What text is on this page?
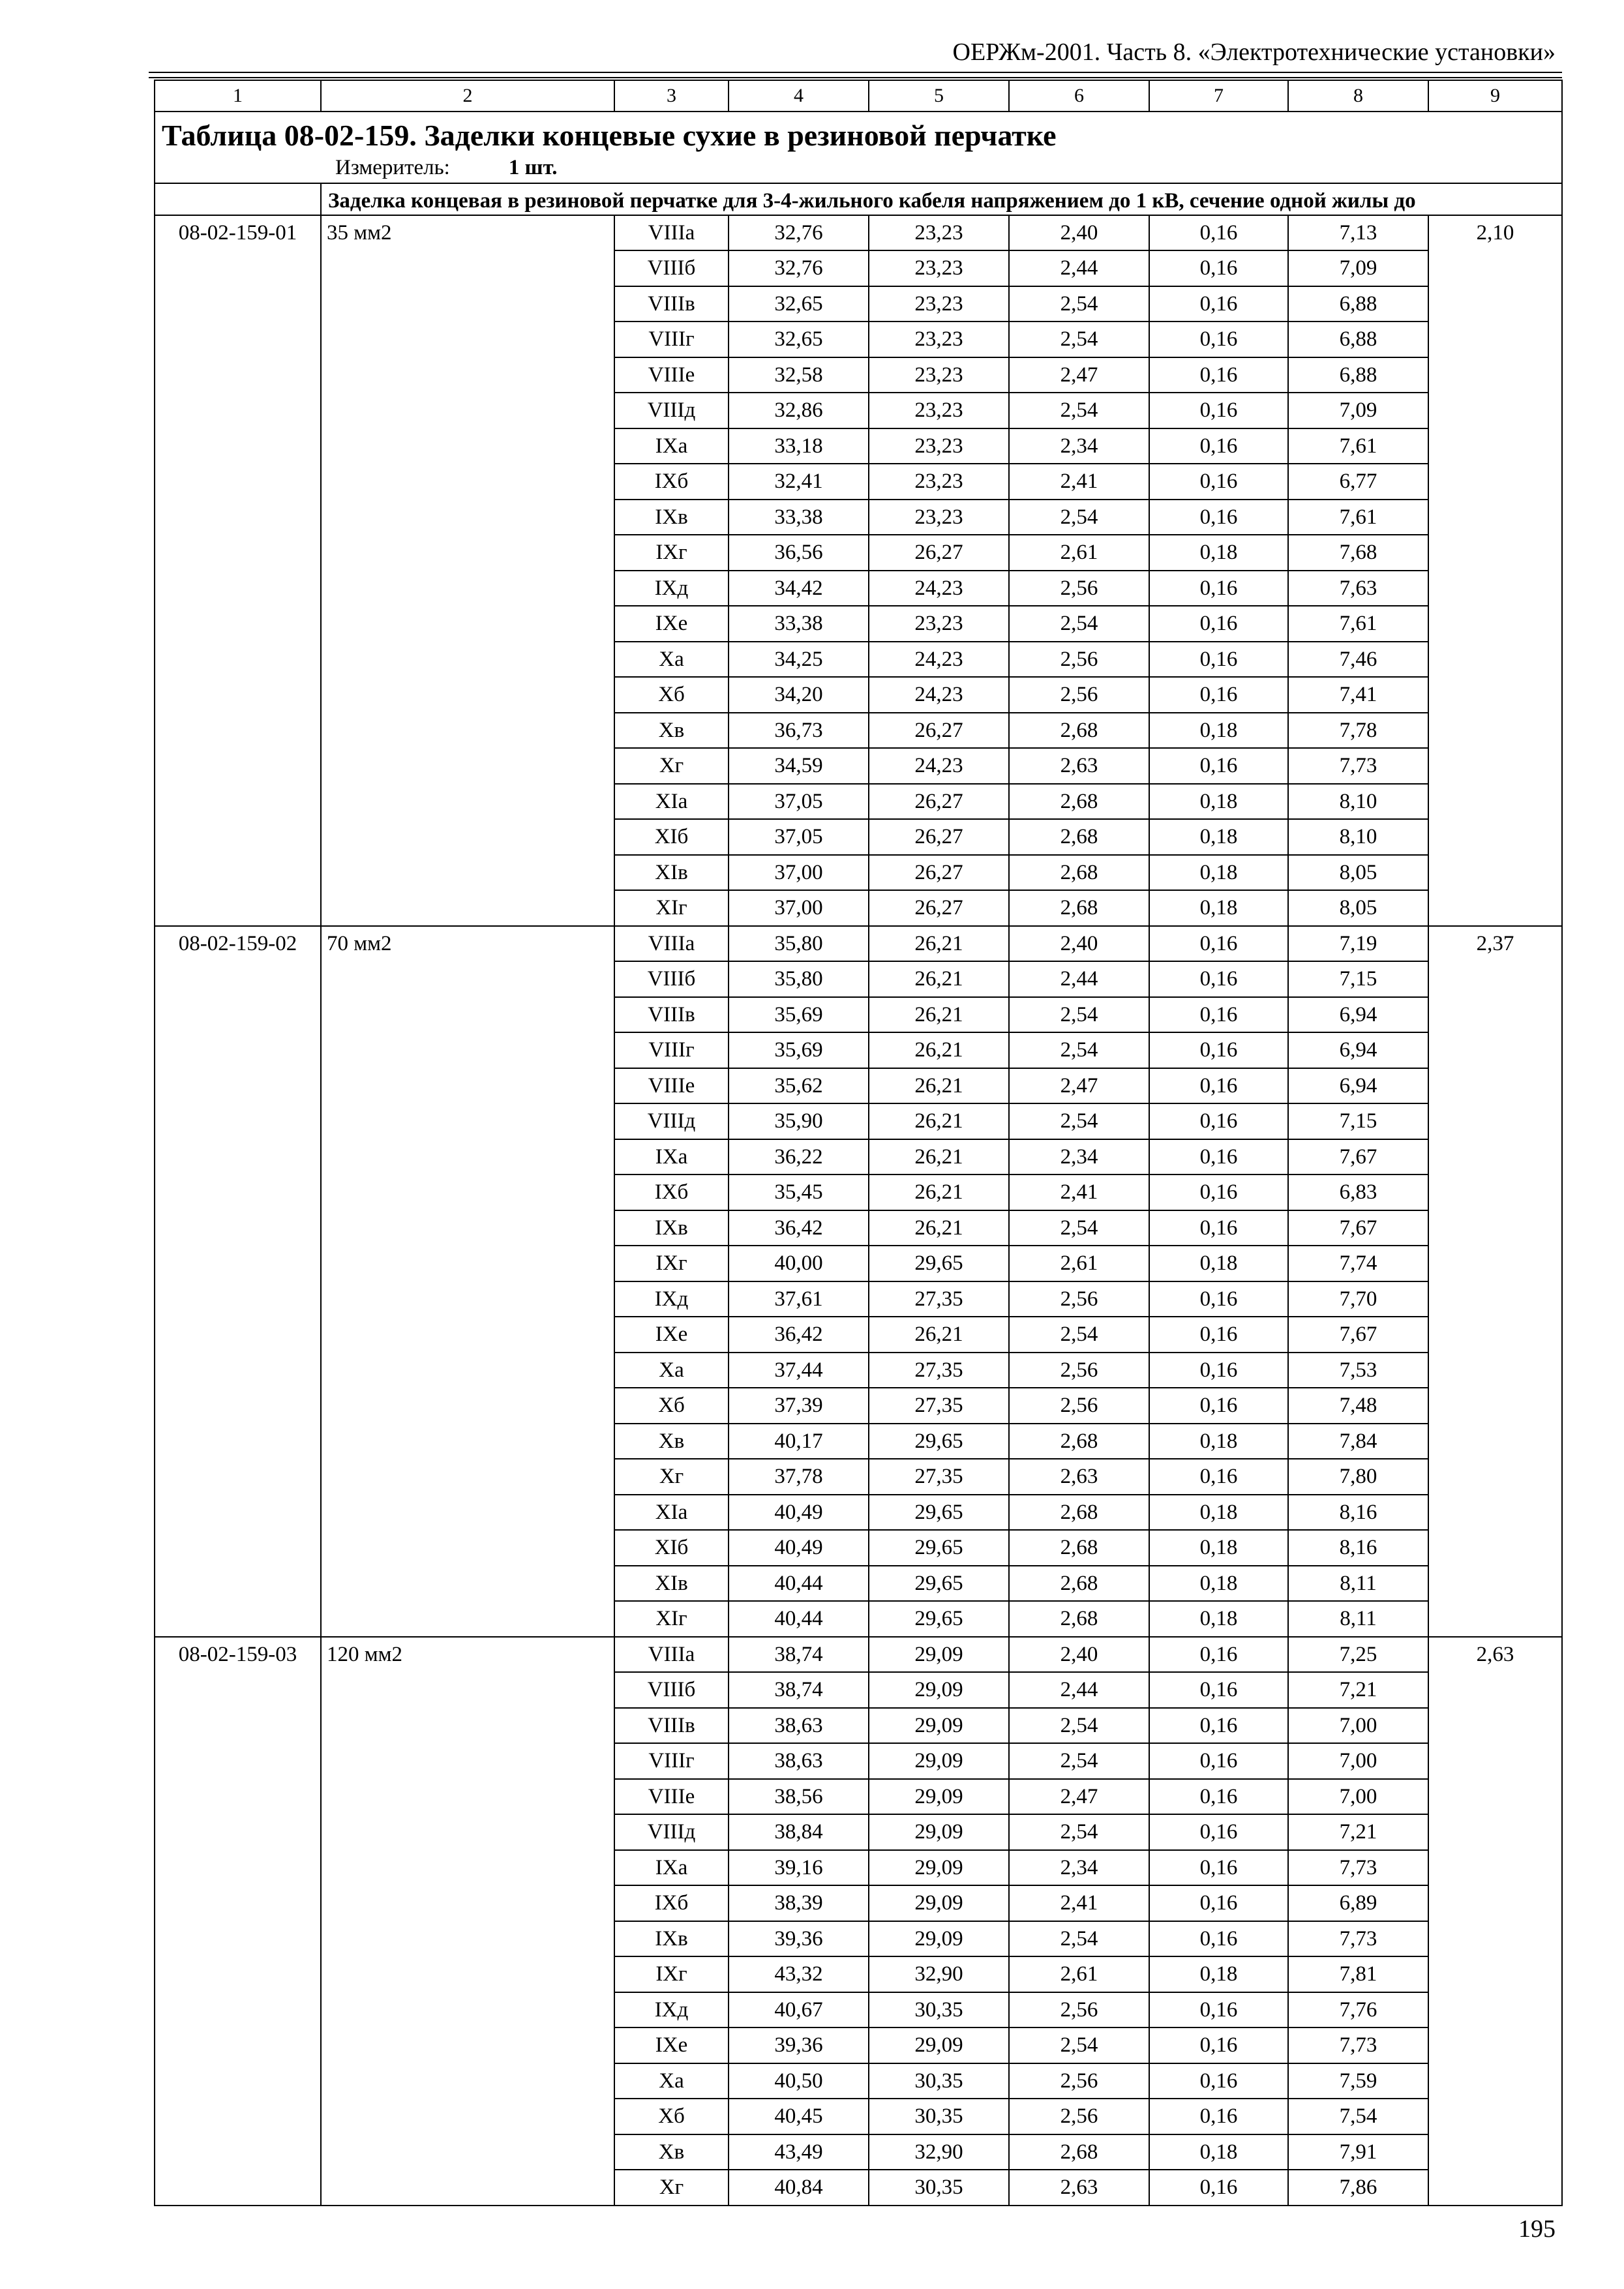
ОЕРЖм-2001. Часть 8. «Электротехнические установки»
1	2	3	4	5	6	7	8	9

Таблица 08-02-159. Заделки концевые сухие в резиновой перчатке
Измеритель: 1 шт.								

	Заделка концевая в резиновой перчатке для 3-4-жильного кабеля напряжением до 1 кВ, сечение одной жилы до							
08-02-159-01	35 мм2	VIIIа	32,76	23,23	2,40	0,16	7,13	2,10
		VIIIб	32,76	23,23	2,44	0,16	7,09	
		VIIIв	32,65	23,23	2,54	0,16	6,88	
		VIIIг	32,65	23,23	2,54	0,16	6,88	
		VIIIе	32,58	23,23	2,47	0,16	6,88	
		VIIIд	32,86	23,23	2,54	0,16	7,09	
		IXа	33,18	23,23	2,34	0,16	7,61	
		IXб	32,41	23,23	2,41	0,16	6,77	
		IXв	33,38	23,23	2,54	0,16	7,61	
		IXг	36,56	26,27	2,61	0,18	7,68	
		IXд	34,42	24,23	2,56	0,16	7,63	
		IXе	33,38	23,23	2,54	0,16	7,61	
		Xа	34,25	24,23	2,56	0,16	7,46	
		Xб	34,20	24,23	2,56	0,16	7,41	
		Xв	36,73	26,27	2,68	0,18	7,78	
		Xг	34,59	24,23	2,63	0,16	7,73	
		XIа	37,05	26,27	2,68	0,18	8,10	
		XIб	37,05	26,27	2,68	0,18	8,10	
		XIв	37,00	26,27	2,68	0,18	8,05	
		XIг	37,00	26,27	2,68	0,18	8,05	
08-02-159-02	70 мм2	VIIIа	35,80	26,21	2,40	0,16	7,19	2,37
		VIIIб	35,80	26,21	2,44	0,16	7,15	
		VIIIв	35,69	26,21	2,54	0,16	6,94	
		VIIIг	35,69	26,21	2,54	0,16	6,94	
		VIIIе	35,62	26,21	2,47	0,16	6,94	
		VIIIд	35,90	26,21	2,54	0,16	7,15	
		IXа	36,22	26,21	2,34	0,16	7,67	
		IXб	35,45	26,21	2,41	0,16	6,83	
		IXв	36,42	26,21	2,54	0,16	7,67	
		IXг	40,00	29,65	2,61	0,18	7,74	
		IXд	37,61	27,35	2,56	0,16	7,70	
		IXе	36,42	26,21	2,54	0,16	7,67	
		Xа	37,44	27,35	2,56	0,16	7,53	
		Xб	37,39	27,35	2,56	0,16	7,48	
		Xв	40,17	29,65	2,68	0,18	7,84	
		Xг	37,78	27,35	2,63	0,16	7,80	
		XIа	40,49	29,65	2,68	0,18	8,16	
		XIб	40,49	29,65	2,68	0,18	8,16	
		XIв	40,44	29,65	2,68	0,18	8,11	
		XIг	40,44	29,65	2,68	0,18	8,11	
08-02-159-03	120 мм2	VIIIа	38,74	29,09	2,40	0,16	7,25	2,63
		VIIIб	38,74	29,09	2,44	0,16	7,21	
		VIIIв	38,63	29,09	2,54	0,16	7,00	
		VIIIг	38,63	29,09	2,54	0,16	7,00	
		VIIIе	38,56	29,09	2,47	0,16	7,00	
		VIIIд	38,84	29,09	2,54	0,16	7,21	
		IXа	39,16	29,09	2,34	0,16	7,73	
		IXб	38,39	29,09	2,41	0,16	6,89	
		IXв	39,36	29,09	2,54	0,16	7,73	
		IXг	43,32	32,90	2,61	0,18	7,81	
		IXд	40,67	30,35	2,56	0,16	7,76	
		IXе	39,36	29,09	2,54	0,16	7,73	
		Xа	40,50	30,35	2,56	0,16	7,59	
		Xб	40,45	30,35	2,56	0,16	7,54	
		Xв	43,49	32,90	2,68	0,18	7,91	
		Xг	40,84	30,35	2,63	0,16	7,86	
195
